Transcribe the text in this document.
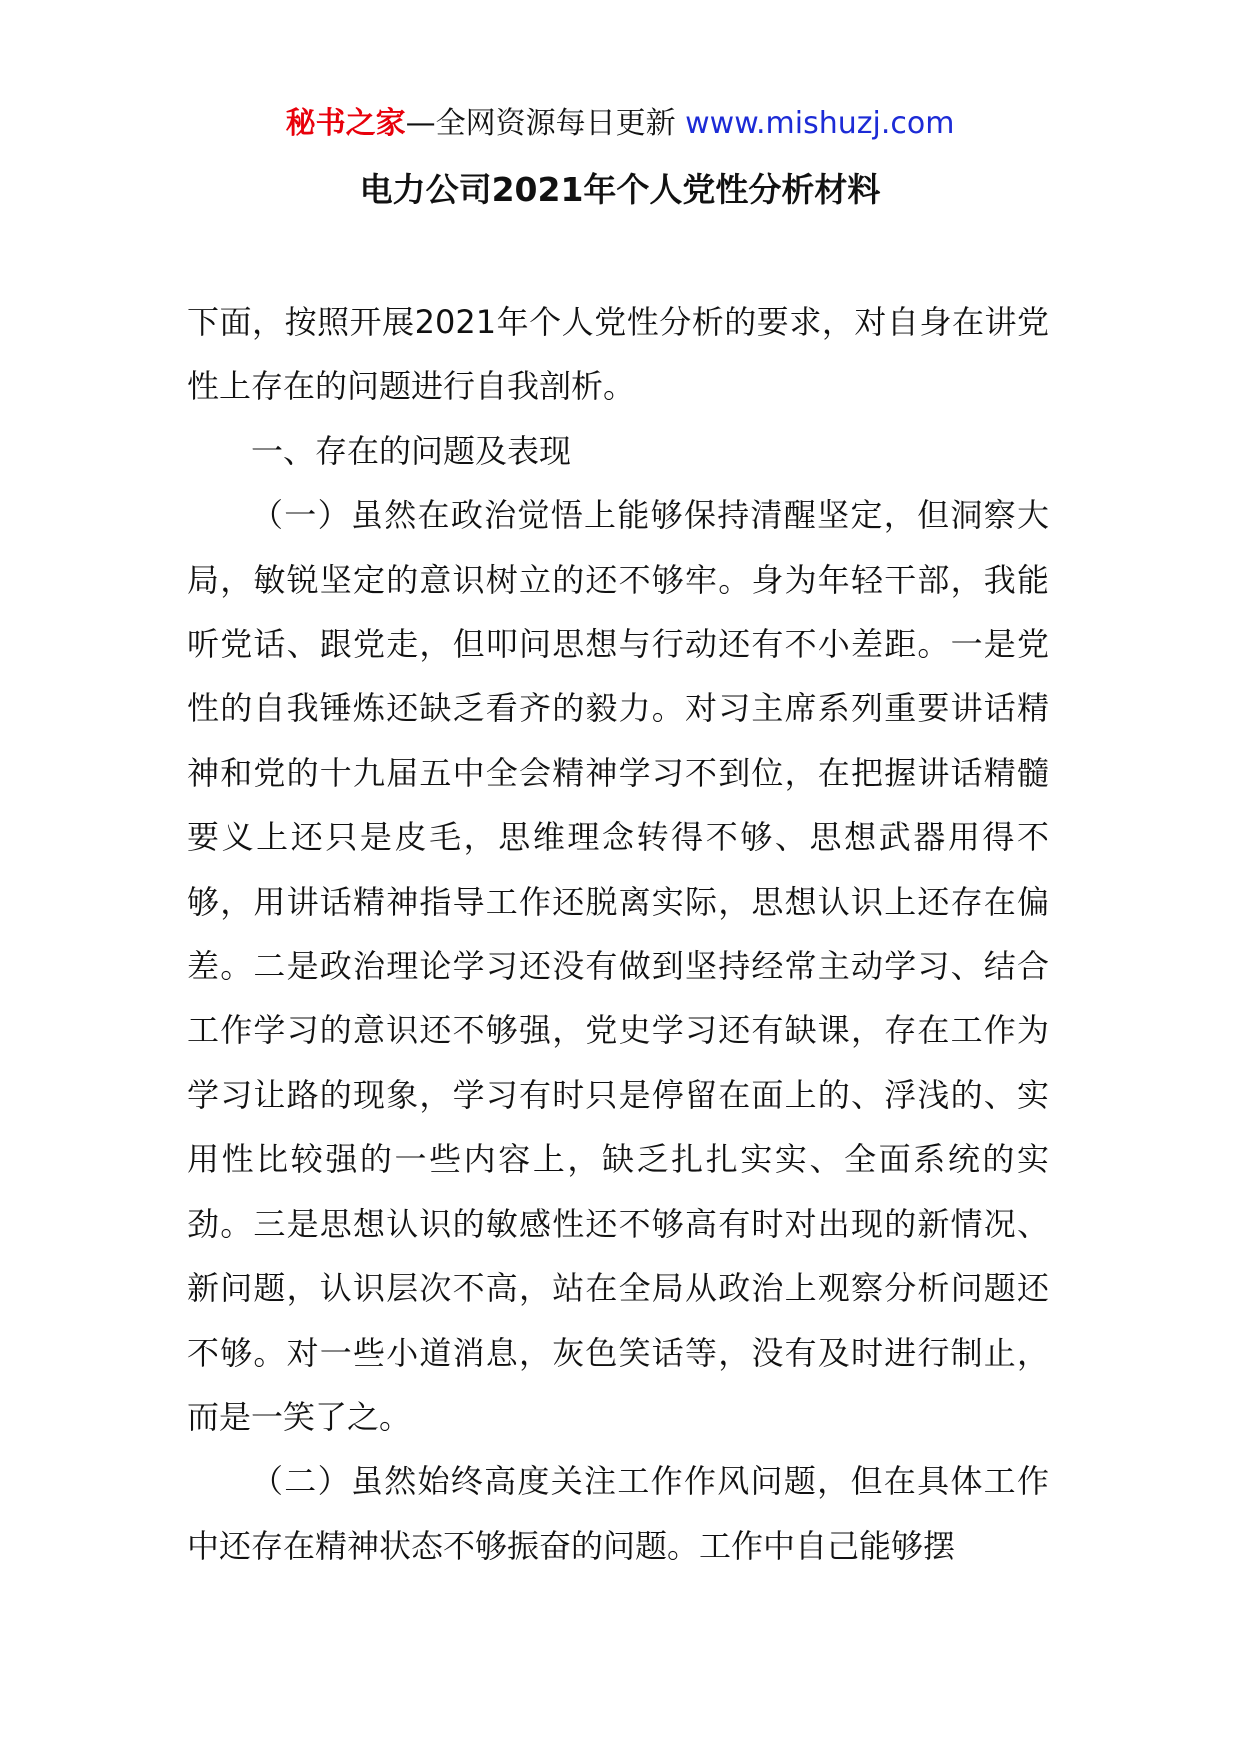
秘书之家—全网资源每日更新 www.mishuzj.com
电力公司2021年个人党性分析材料

下面，按照开展2021年个人党性分析的要求，对自身在讲党性上存在的问题进行自我剖析。

一、存在的问题及表现

（一）虽然在政治觉悟上能够保持清醒坚定，但洞察大局，敏锐坚定的意识树立的还不够牢。身为年轻干部，我能听党话、跟党走，但叩问思想与行动还有不小差距。一是党性的自我锤炼还缺乏看齐的毅力。对习主席系列重要讲话精神和党的十九届五中全会精神学习不到位，在把握讲话精髓要义上还只是皮毛，思维理念转得不够、思想武器用得不够，用讲话精神指导工作还脱离实际，思想认识上还存在偏差。二是政治理论学习还没有做到坚持经常主动学习、结合工作学习的意识还不够强，党史学习还有缺课，存在工作为学习让路的现象，学习有时只是停留在面上的、浮浅的、实用性比较强的一些内容上，缺乏扎扎实实、全面系统的实劲。三是思想认识的敏感性还不够高有时对出现的新情况、新问题，认识层次不高，站在全局从政治上观察分析问题还不够。对一些小道消息，灰色笑话等，没有及时进行制止，而是一笑了之。

（二）虽然始终高度关注工作作风问题，但在具体工作中还存在精神状态不够振奋的问题。工作中自己能够摆
